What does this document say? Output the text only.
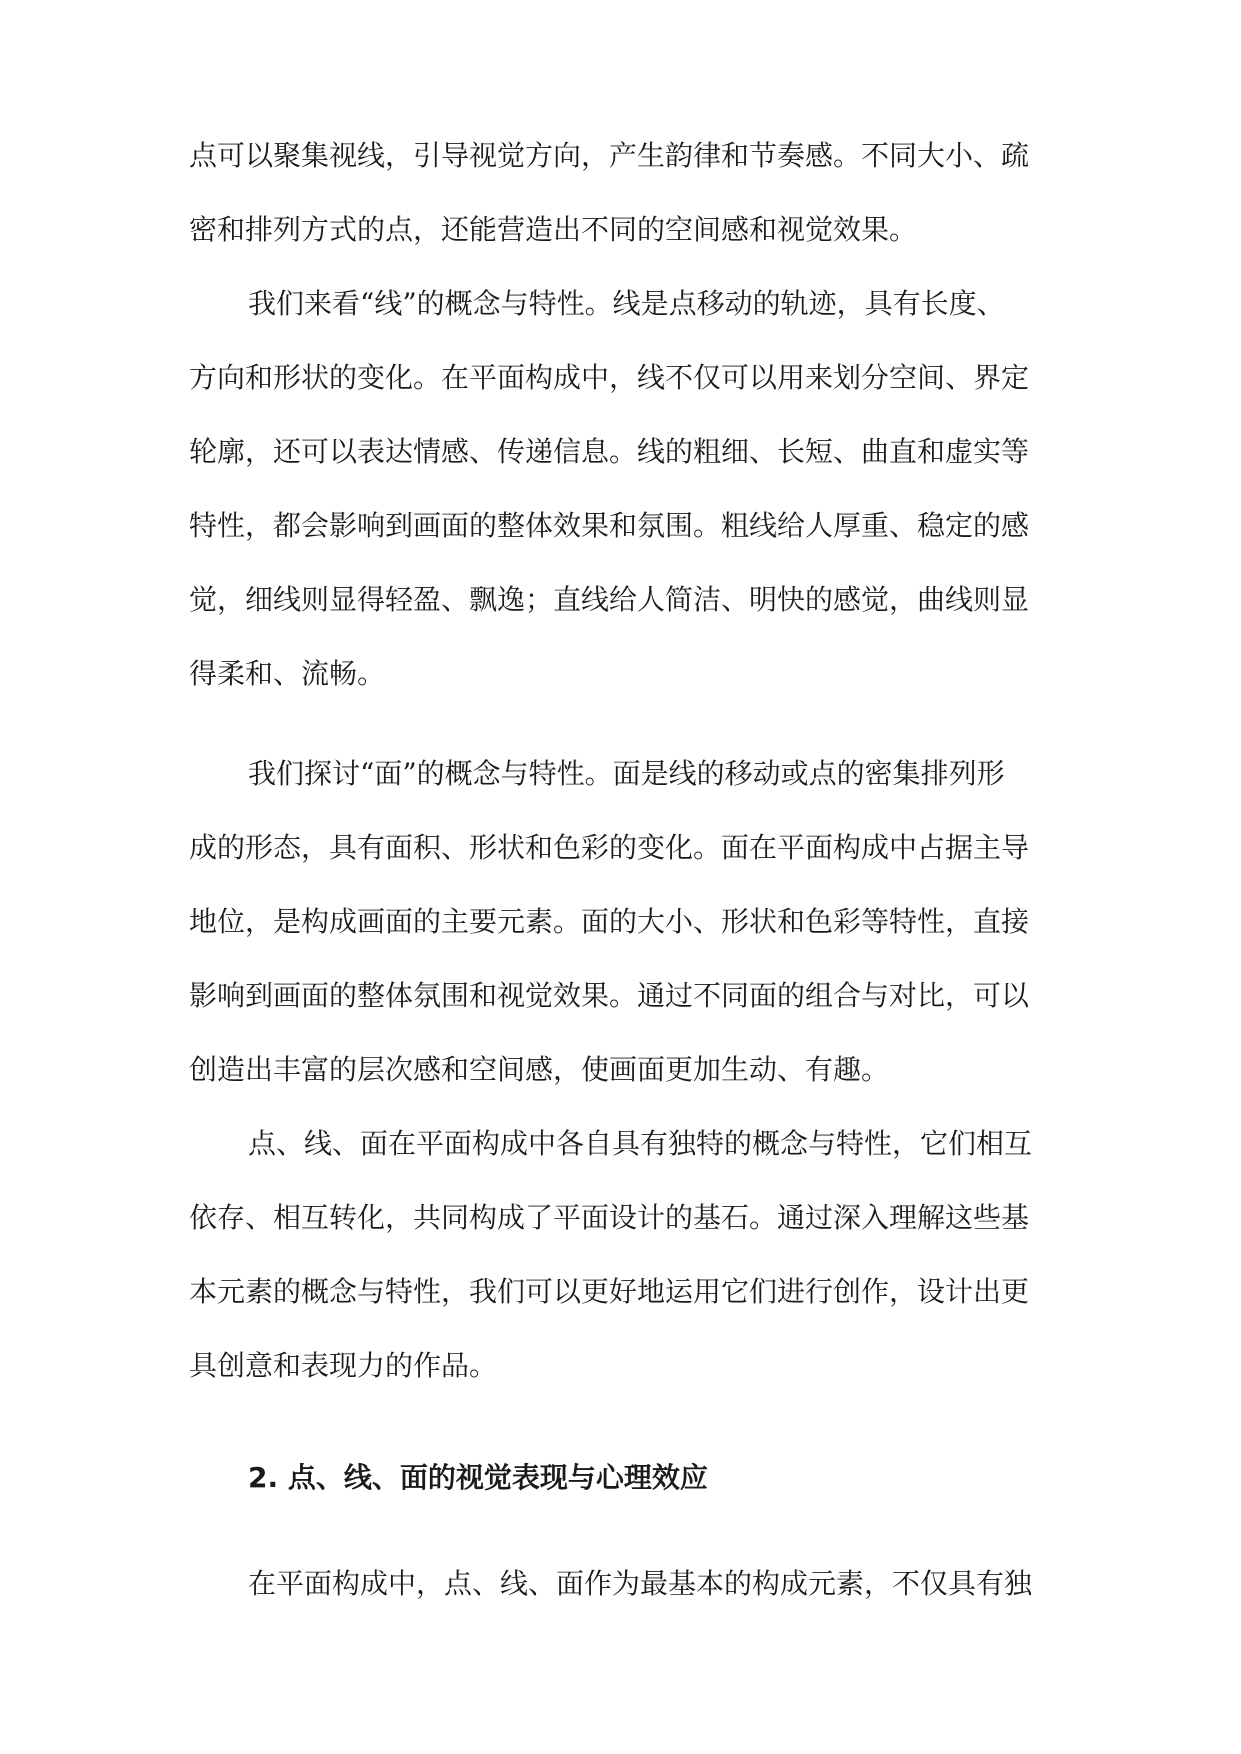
点可以聚集视线，引导视觉方向，产生韵律和节奏感。不同大小、疏
密和排列方式的点，还能营造出不同的空间感和视觉效果。
我们来看“线”的概念与特性。线是点移动的轨迹，具有长度、
方向和形状的变化。在平面构成中，线不仅可以用来划分空间、界定
轮廓，还可以表达情感、传递信息。线的粗细、长短、曲直和虚实等
特性，都会影响到画面的整体效果和氛围。粗线给人厚重、稳定的感
觉，细线则显得轻盈、飘逸；直线给人简洁、明快的感觉，曲线则显
得柔和、流畅。
我们探讨“面”的概念与特性。面是线的移动或点的密集排列形
成的形态，具有面积、形状和色彩的变化。面在平面构成中占据主导
地位，是构成画面的主要元素。面的大小、形状和色彩等特性，直接
影响到画面的整体氛围和视觉效果。通过不同面的组合与对比，可以
创造出丰富的层次感和空间感，使画面更加生动、有趣。
点、线、面在平面构成中各自具有独特的概念与特性，它们相互
依存、相互转化，共同构成了平面设计的基石。通过深入理解这些基
本元素的概念与特性，我们可以更好地运用它们进行创作，设计出更
具创意和表现力的作品。
2. 点、线、面的视觉表现与心理效应
在平面构成中，点、线、面作为最基本的构成元素，不仅具有独
